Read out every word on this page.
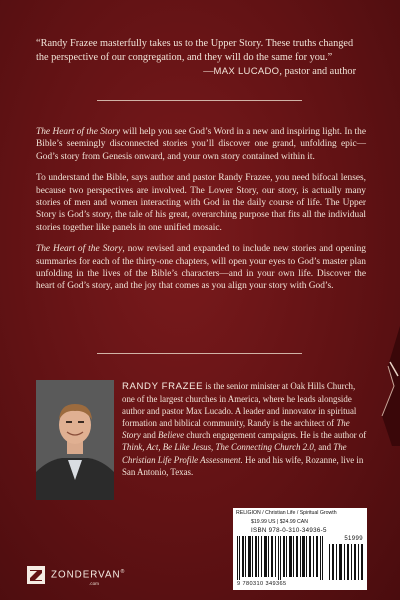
“Randy Frazee masterfully takes us to the Upper Story. These truths changed the perspective of our congregation, and they will do the same for you.”
—MAX LUCADO, pastor and author

The Heart of the Story will help you see God’s Word in a new and inspiring light. In the Bible’s seemingly disconnected stories you’ll discover one grand, unfolding epic—God’s story from Genesis onward, and your own story contained within it.

To understand the Bible, says author and pastor Randy Frazee, you need bifocal lenses, because two perspectives are involved. The Lower Story, our story, is actually many stories of men and women interacting with God in the daily course of life. The Upper Story is God’s story, the tale of his great, overarching purpose that fits all the individual stories together like panels in one unified mosaic.

The Heart of the Story, now revised and expanded to include new stories and opening summaries for each of the thirty-one chapters, will open your eyes to God’s master plan unfolding in the lives of the Bible’s characters—and in your own life. Discover the heart of God’s story, and the joy that comes as you align your story with God’s.

RANDY FRAZEE is the senior minister at Oak Hills Church, one of the largest churches in America, where he leads alongside author and pastor Max Lucado. A leader and innovator in spiritual formation and biblical community, Randy is the architect of The Story and Believe church engagement campaigns. He is the author of Think, Act, Be Like Jesus, The Connecting Church 2.0, and The Christian Life Profile Assessment. He and his wife, Rozanne, live in San Antonio, Texas.
ZONDERVAN®
.com
RELIGION / Christian Life / Spiritual Growth
$19.99 US | $24.99 CAN
ISBN 978-0-310-34936-5
51999
9 780310 349365
